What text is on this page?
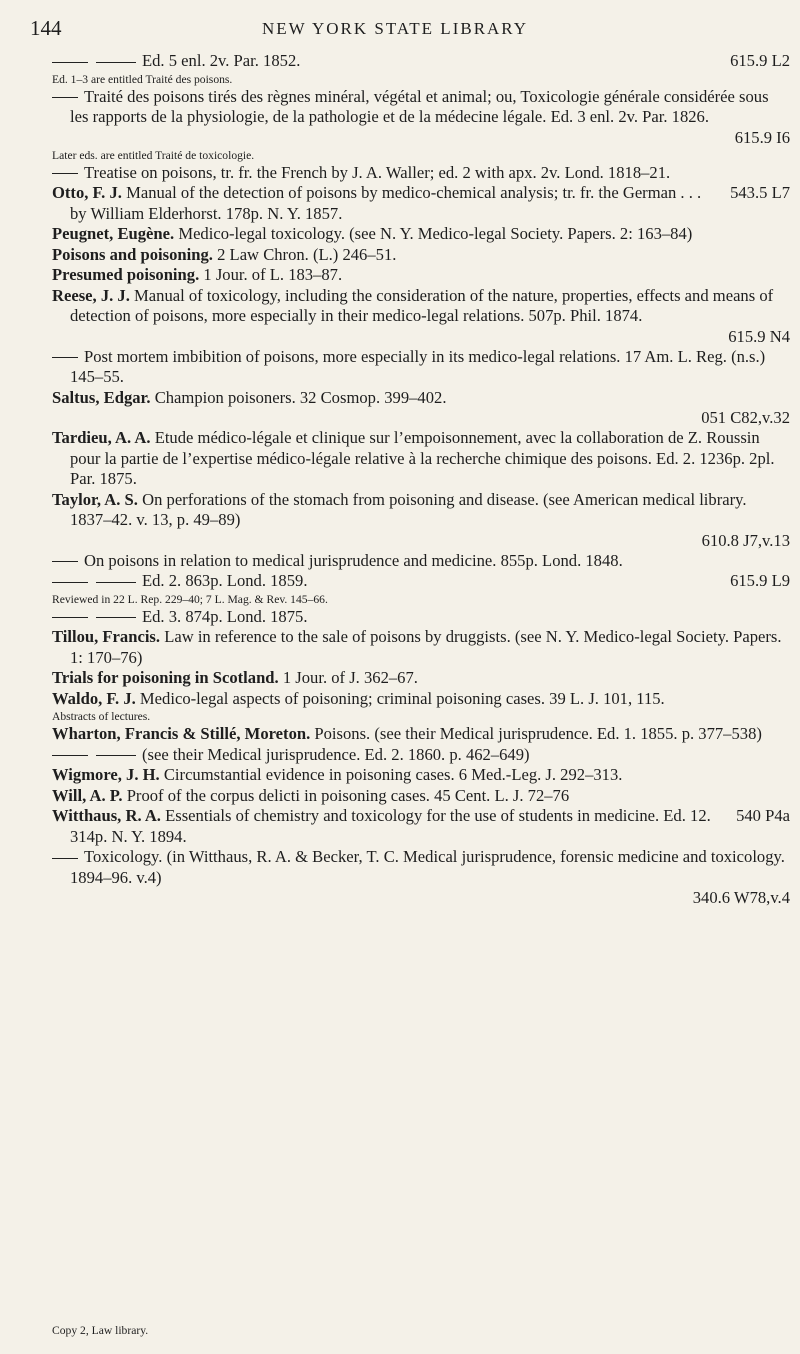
144	NEW YORK STATE LIBRARY
615.9 L2
Ed. 5 enl. 2v. Par. 1852.
Ed. 1–3 are entitled Traité des poisons.
Traité des poisons tirés des règnes minéral, végétal et animal; ou, Toxicologie générale considérée sous les rapports de la physiologie, de la pathologie et de la médecine légale. Ed. 3 enl. 2v. Par. 1826.
615.9 I6
Later eds. are entitled Traité de toxicologie.
Treatise on poisons, tr. fr. the French by J. A. Waller; ed. 2 with apx. 2v. Lond. 1818–21.
543.5 L7
Otto, F. J. Manual of the detection of poisons by medico-chemical analysis; tr. fr. the German . . . by William Elderhorst. 178p. N. Y. 1857.
Peugnet, Eugène. Medico-legal toxicology. (see N. Y. Medico-legal Society. Papers. 2: 163–84)
Poisons and poisoning. 2 Law Chron. (L.) 246–51.
Presumed poisoning. 1 Jour. of L. 183–87.
Reese, J. J. Manual of toxicology, including the consideration of the nature, properties, effects and means of detection of poisons, more especially in their medico-legal relations. 507p. Phil. 1874.
615.9 N4
Post mortem imbibition of poisons, more especially in its medico-legal relations. 17 Am. L. Reg. (n.s.) 145–55.
Saltus, Edgar. Champion poisoners. 32 Cosmop. 399–402.
051 C82,v.32
Tardieu, A. A. Etude médico-légale et clinique sur l’empoisonnement, avec la collaboration de Z. Roussin pour la partie de l’expertise médico-légale relative à la recherche chimique des poisons. Ed. 2. 1236p. 2pl. Par. 1875.
Taylor, A. S. On perforations of the stomach from poisoning and disease. (see American medical library. 1837–42. v. 13, p. 49–89)
610.8 J7,v.13
On poisons in relation to medical jurisprudence and medicine. 855p. Lond. 1848.
615.9 L9
Ed. 2. 863p. Lond. 1859.
Reviewed in 22 L. Rep. 229–40; 7 L. Mag. & Rev. 145–66.
Ed. 3. 874p. Lond. 1875.
Tillou, Francis. Law in reference to the sale of poisons by druggists. (see N. Y. Medico-legal Society. Papers. 1: 170–76)
Trials for poisoning in Scotland. 1 Jour. of J. 362–67.
Waldo, F. J. Medico-legal aspects of poisoning; criminal poisoning cases. 39 L. J. 101, 115.
Abstracts of lectures.
Wharton, Francis & Stillé, Moreton. Poisons. (see their Medical jurisprudence. Ed. 1. 1855. p. 377–538)
(see their Medical jurisprudence. Ed. 2. 1860. p. 462–649)
Wigmore, J. H. Circumstantial evidence in poisoning cases. 6 Med.-Leg. J. 292–313.
Will, A. P. Proof of the corpus delicti in poisoning cases. 45 Cent. L. J. 72–76
540 P4a
Witthaus, R. A. Essentials of chemistry and toxicology for the use of students in medicine. Ed. 12. 314p. N. Y. 1894.
Toxicology. (in Witthaus, R. A. & Becker, T. C. Medical jurisprudence, forensic medicine and toxicology. 1894–96. v.4)
340.6 W78,v.4
Copy 2, Law library.
